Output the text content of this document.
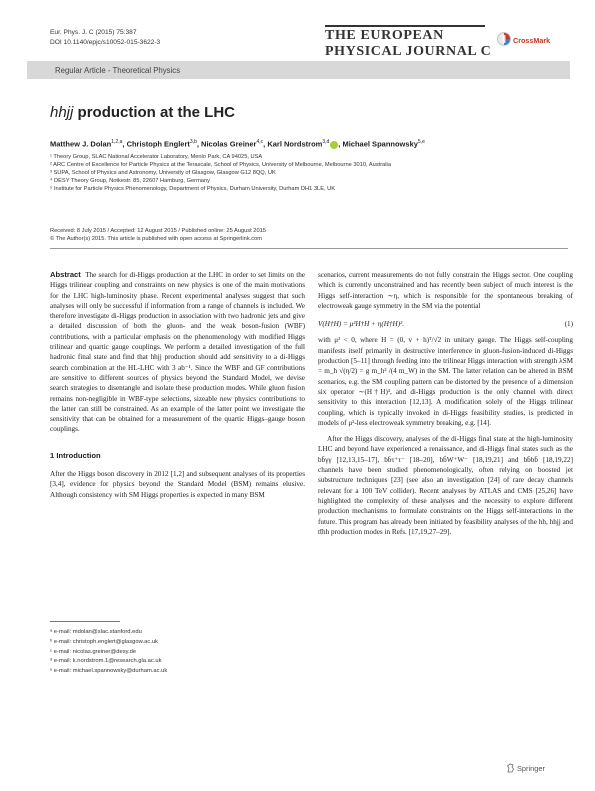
Eur. Phys. J. C (2015) 75:387
DOI 10.1140/epjc/s10052-015-3622-3	THE EUROPEAN
PHYSICAL JOURNAL C
CrossMark
Regular Article - Theoretical Physics
hhjj production at the LHC
Matthew J. Dolan$^{1,2,a}$, Christoph Englert$^{3,b}$, Nicolas Greiner$^{4,c}$, Karl Nordstrom$^{3,d}$ , Michael Spannowsky$^{5,e}$
¹ Theory Group, SLAC National Accelerator Laboratory, Menlo Park, CA 94025, USA
² ARC Centre of Excellence for Particle Physics at the Terascale, School of Physics, University of Melbourne, Melbourne 3010, Australia
³ SUPA, School of Physics and Astronomy, University of Glasgow, Glasgow G12 8QQ, UK
⁴ DESY Theory Group, Notkestr. 85, 22607 Hamburg, Germany
⁵ Institute for Particle Physics Phenomenology, Department of Physics, Durham University, Durham DH1 3LE, UK
Received: 8 July 2015 / Accepted: 12 August 2015 / Published online: 25 August 2015
© The Author(s) 2015. This article is published with open access at Springerlink.com
Abstract The search for di-Higgs production at the LHC in order to set limits on the Higgs trilinear coupling and constraints on new physics is one of the main motivations for the LHC high-luminosity phase. Recent experimental analyses suggest that such analyses will only be successful if information from a range of channels is included. We therefore investigate di-Higgs production in association with two hadronic jets and give a detailed discussion of both the gluon- and the weak boson-fusion (WBF) contributions, with a particular emphasis on the phenomenology with modified Higgs trilinear and quartic gauge couplings. We perform a detailed investigation of the full hadronic final state and find that hhjj production should add sensitivity to a di-Higgs search combination at the HL-LHC with 3 ab⁻¹. Since the WBF and GF contributions are sensitive to different sources of physics beyond the Standard Model, we devise search strategies to disentangle and isolate these production modes. While gluon fusion remains non-negligible in WBF-type selections, sizeable new physics contributions to the latter can still be constrained. As an example of the latter point we investigate the sensitivity that can be obtained for a measurement of the quartic Higgs–gauge boson couplings.
1 Introduction
After the Higgs boson discovery in 2012 [1,2] and subsequent analyses of its properties [3,4], evidence for physics beyond the Standard Model (BSM) remains elusive. Although consistency with SM Higgs properties is expected in many BSM
ᵃ e-mail: mdolan@slac.stanford.edu
ᵇ e-mail: christoph.englert@glasgow.ac.uk
ᶜ e-mail: nicolas.greiner@desy.de
ᵈ e-mail: k.nordstrom.1@research.gla.ac.uk
ᵉ e-mail: michael.spannowsky@durham.ac.uk
scenarios, current measurements do not fully constrain the Higgs sector. One coupling which is currently unconstrained and has recently been subject of much interest is the Higgs self-interaction ∼η, which is responsible for the spontaneous breaking of electroweak gauge symmetry in the SM via the potential
V(H†H) = μ²H†H + η(H†H)².	(1)
with μ² < 0, where H = (0, v + h)ᵀ/√2 in unitary gauge. The Higgs self-coupling manifests itself primarily in destructive interference in gluon-fusion-induced di-Higgs production [5–11] through feeding into the trilinear Higgs interaction with strength λSM = m_h √(η/2) = g m_h² /(4 m_W) in the SM. The latter relation can be altered in BSM scenarios, e.g. the SM coupling pattern can be distorted by the presence of a dimension six operator ∼(H†H)³, and di-Higgs production is the only channel with direct sensitivity to this interaction [12,13]. A modification solely of the Higgs trilinear coupling, which is typically invoked in di-Higgs feasibility studies, is predicted in models of μ²-less electroweak symmetry breaking, e.g. [14].
After the Higgs discovery, analyses of the di-Higgs final state at the high-luminosity LHC and beyond have experienced a renaissance, and di-Higgs final states such as the bb̄γγ [12,13,15–17], bb̄τ⁺τ⁻ [18–20], bb̄W⁺W⁻ [18,19,21] and bb̄bb̄ [18,19,22] channels have been studied phenomenologically, often relying on boosted jet substructure techniques [23] (see also an investigation [24] of rare decay channels relevant for a 100 TeV collider). Recent analyses by ATLAS and CMS [25,26] have highlighted the complexity of these analyses and the necessity to explore different production mechanisms to formulate constraints on the Higgs self-interactions in the future. This program has already been initiated by feasibility analyses of the hh, hhjj and tt̄hh production modes in Refs. [17,19,27–29].
Springer
